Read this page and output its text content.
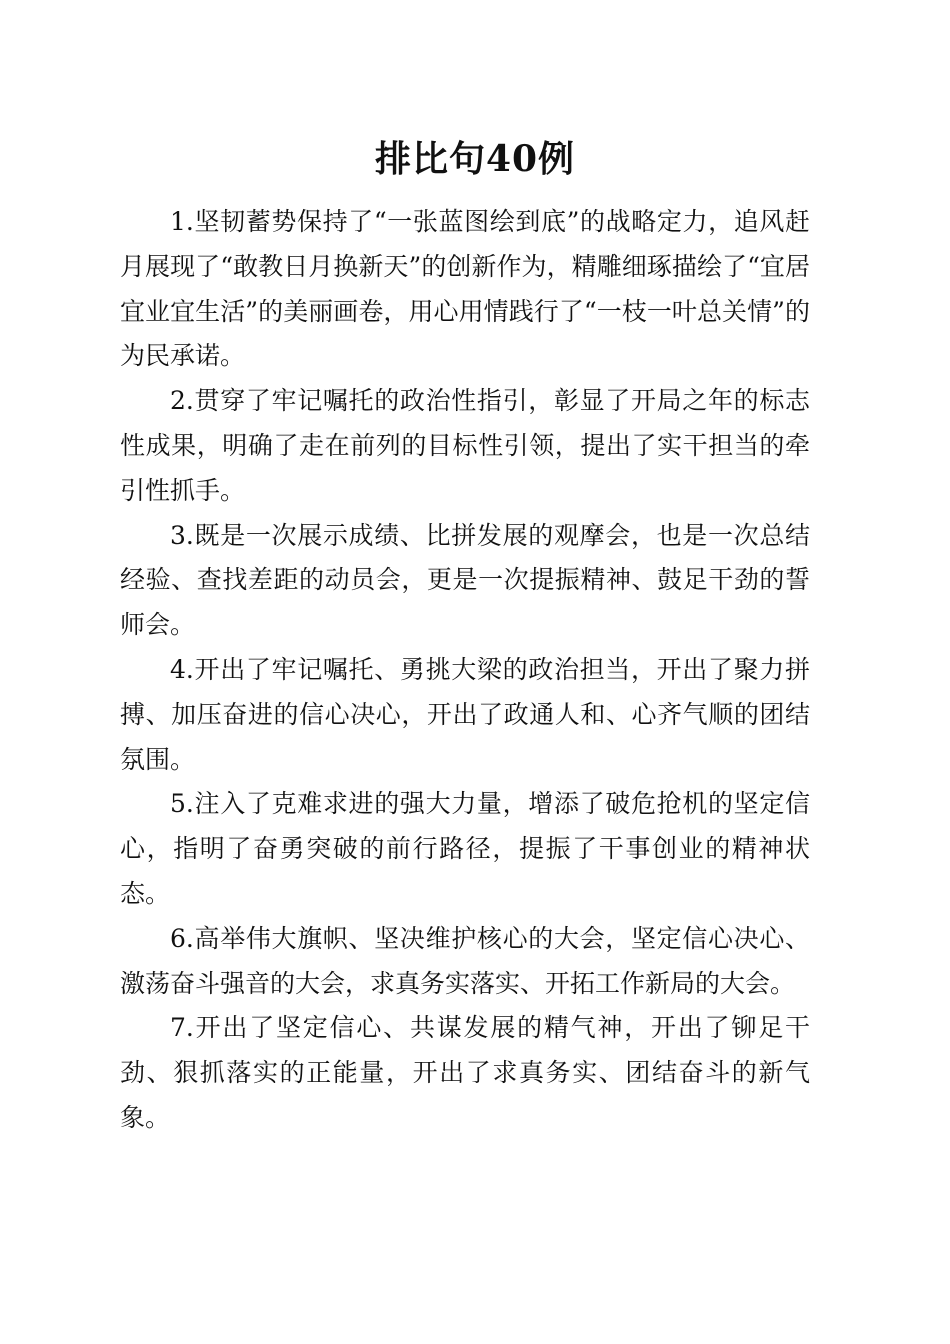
排比句40例

1.坚韧蓄势保持了“一张蓝图绘到底”的战略定力，追风赶月展现了“敢教日月换新天”的创新作为，精雕细琢描绘了“宜居宜业宜生活”的美丽画卷，用心用情践行了“一枝一叶总关情”的为民承诺。

2.贯穿了牢记嘱托的政治性指引，彰显了开局之年的标志性成果，明确了走在前列的目标性引领，提出了实干担当的牵引性抓手。

3.既是一次展示成绩、比拼发展的观摩会，也是一次总结经验、查找差距的动员会，更是一次提振精神、鼓足干劲的誓师会。

4.开出了牢记嘱托、勇挑大梁的政治担当，开出了聚力拼搏、加压奋进的信心决心，开出了政通人和、心齐气顺的团结氛围。

5.注入了克难求进的强大力量，增添了破危抢机的坚定信心，指明了奋勇突破的前行路径，提振了干事创业的精神状态。

6.高举伟大旗帜、坚决维护核心的大会，坚定信心决心、激荡奋斗强音的大会，求真务实落实、开拓工作新局的大会。

7.开出了坚定信心、共谋发展的精气神，开出了铆足干劲、狠抓落实的正能量，开出了求真务实、团结奋斗的新气象。
